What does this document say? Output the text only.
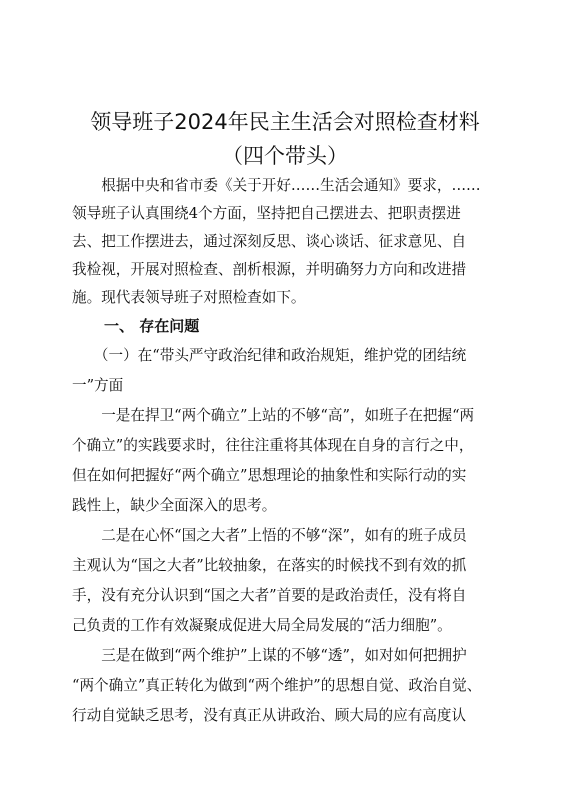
领导班子2024年民主生活会对照检查材料
（四个带头）
　　根据中央和省市委《关于开好……生活会通知》要求，……
领导班子认真围绕4个方面，坚持把自己摆进去、把职责摆进
去、把工作摆进去，通过深刻反思、谈心谈话、征求意见、自
我检视，开展对照检查、剖析根源，并明确努力方向和改进措
施。现代表领导班子对照检查如下。
一、 存在问题
　　（一）在“带头严守政治纪律和政治规矩，维护党的团结统
一”方面
　　一是在捍卫“两个确立”上站的不够“高”，如班子在把握“两
个确立”的实践要求时，往往注重将其体现在自身的言行之中，
但在如何把握好“两个确立”思想理论的抽象性和实际行动的实
践性上，缺少全面深入的思考。
　　二是在心怀“国之大者”上悟的不够“深”，如有的班子成员
主观认为“国之大者”比较抽象，在落实的时候找不到有效的抓
手，没有充分认识到“国之大者”首要的是政治责任，没有将自
己负责的工作有效凝聚成促进大局全局发展的“活力细胞”。
　　三是在做到“两个维护”上谋的不够“透”，如对如何把拥护
“两个确立”真正转化为做到“两个维护”的思想自觉、政治自觉、
行动自觉缺乏思考，没有真正从讲政治、顾大局的应有高度认
